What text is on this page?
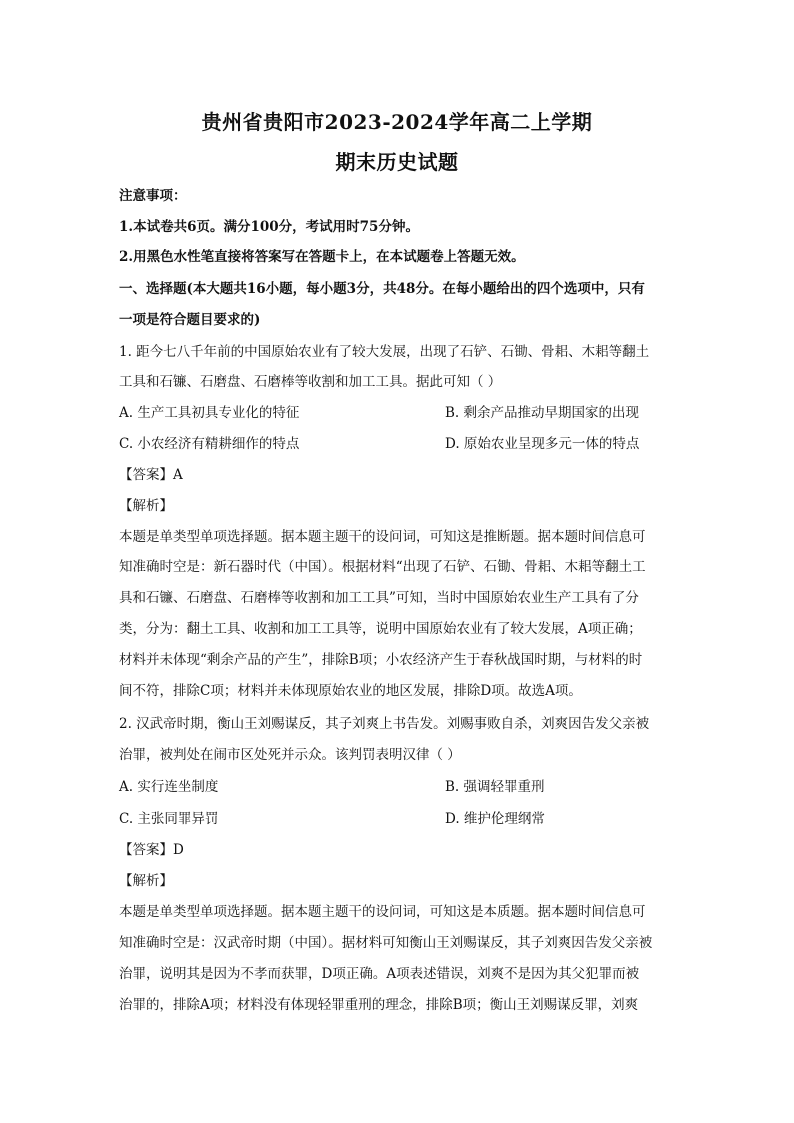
贵州省贵阳市2023-2024学年高二上学期
期末历史试题
注意事项：
1.本试卷共6页。满分100分，考试用时75分钟。
2.用黑色水性笔直接将答案写在答题卡上，在本试题卷上答题无效。
一、选择题(本大题共16小题，每小题3分，共48分。在每小题给出的四个选项中，只有
一项是符合题目要求的)
1. 距今七八千年前的中国原始农业有了较大发展，出现了石铲、石锄、骨耜、木耜等翻土
工具和石镰、石磨盘、石磨棒等收割和加工工具。据此可知（ ）
A. 生产工具初具专业化的特征	B. 剩余产品推动早期国家的出现
C. 小农经济有精耕细作的特点	D. 原始农业呈现多元一体的特点
【答案】A
【解析】
本题是单类型单项选择题。据本题主题干的设问词，可知这是推断题。据本题时间信息可
知准确时空是：新石器时代（中国）。根据材料“出现了石铲、石锄、骨耜、木耜等翻土工
具和石镰、石磨盘、石磨棒等收割和加工工具”可知，当时中国原始农业生产工具有了分
类，分为：翻土工具、收割和加工工具等，说明中国原始农业有了较大发展，A项正确；
材料并未体现“剩余产品的产生”，排除B项；小农经济产生于春秋战国时期，与材料的时
间不符，排除C项；材料并未体现原始农业的地区发展，排除D项。故选A项。
2. 汉武帝时期，衡山王刘赐谋反，其子刘爽上书告发。刘赐事败自杀，刘爽因告发父亲被
治罪，被判处在闹市区处死并示众。该判罚表明汉律（ ）
A. 实行连坐制度	B. 强调轻罪重刑
C. 主张同罪异罚	D. 维护伦理纲常
【答案】D
【解析】
本题是单类型单项选择题。据本题主题干的设问词，可知这是本质题。据本题时间信息可
知准确时空是：汉武帝时期（中国）。据材料可知衡山王刘赐谋反，其子刘爽因告发父亲被
治罪，说明其是因为不孝而获罪，D项正确。A项表述错误，刘爽不是因为其父犯罪而被
治罪的，排除A项；材料没有体现轻罪重刑的理念，排除B项；衡山王刘赐谋反罪，刘爽
